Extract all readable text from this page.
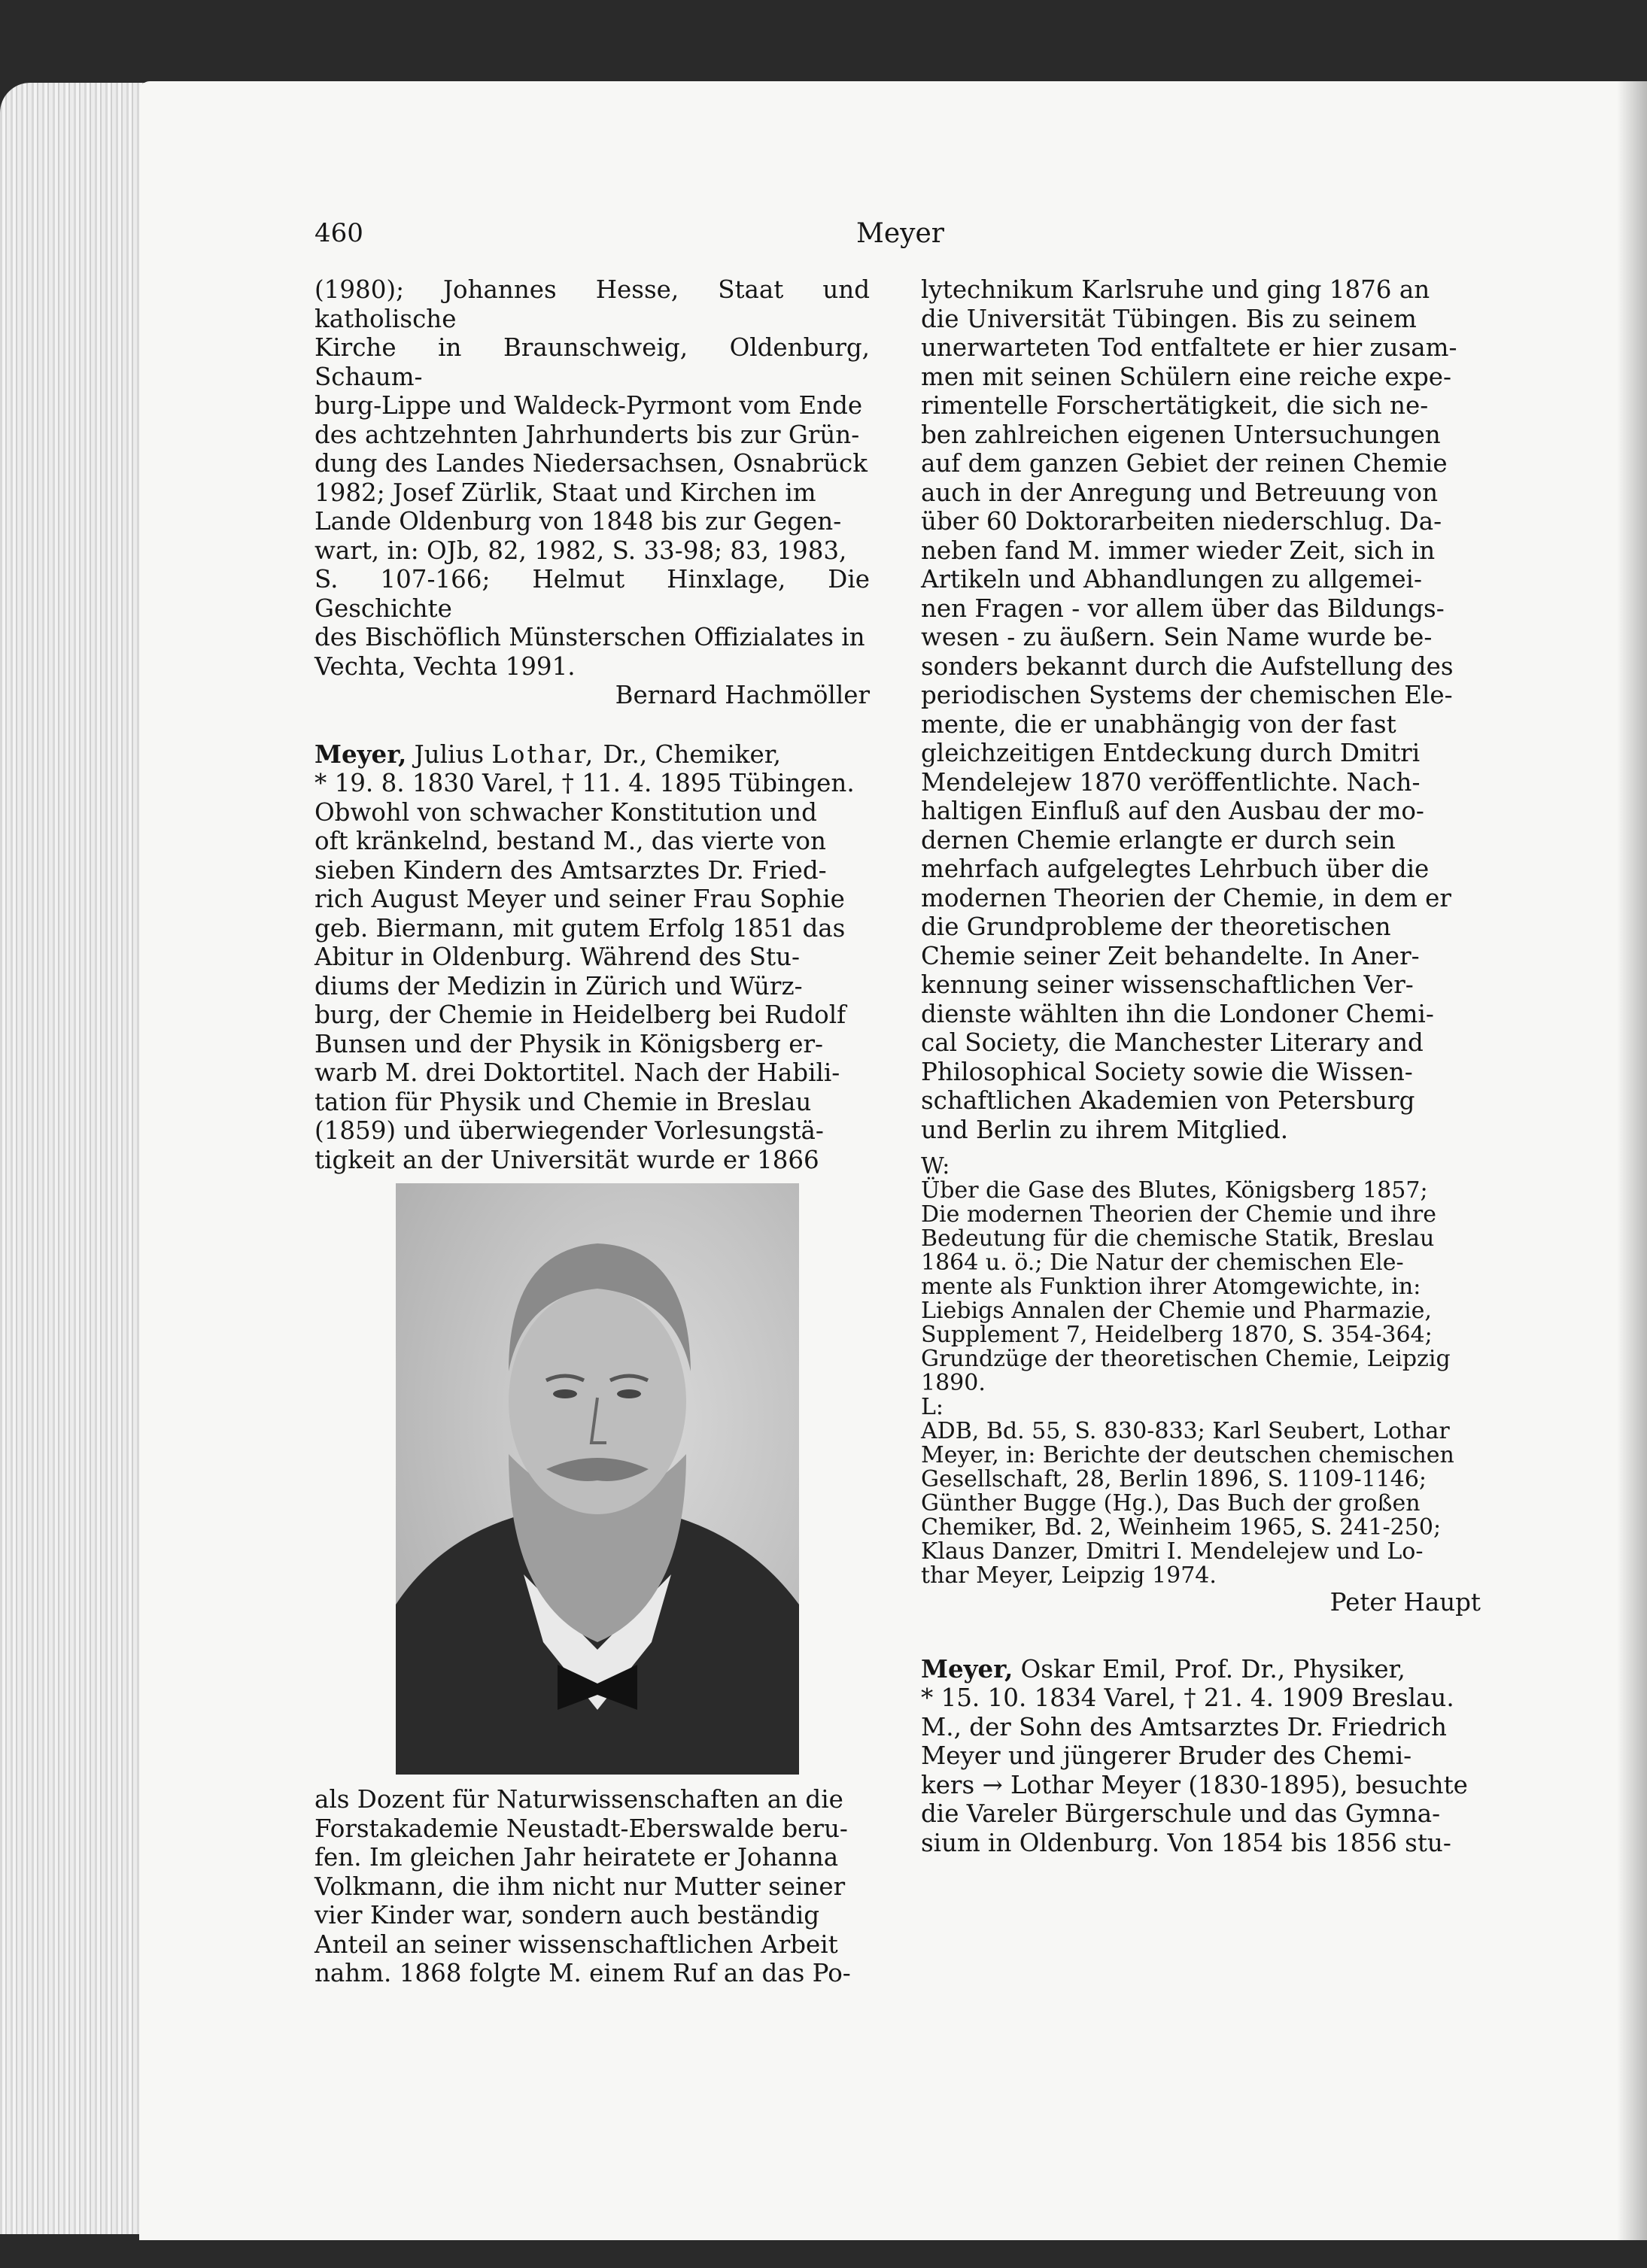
460	Meyer

(1980); Johannes Hesse, Staat und katholische

Kirche in Braunschweig, Oldenburg, Schaum-

burg-Lippe und Waldeck-Pyrmont vom Ende

des achtzehnten Jahrhunderts bis zur Grün-

dung des Landes Niedersachsen, Osnabrück

1982; Josef Zürlik, Staat und Kirchen im

Lande Oldenburg von 1848 bis zur Gegen-

wart, in: OJb, 82, 1982, S. 33-98; 83, 1983,

S. 107-166; Helmut Hinxlage, Die Geschichte

des Bischöflich Münsterschen Offizialates in

Vechta, Vechta 1991.

Bernard Hachmöller

Meyer, Julius Lothar, Dr., Chemiker,

* 19. 8. 1830 Varel, † 11. 4. 1895 Tübingen.

Obwohl von schwacher Konstitution und

oft kränkelnd, bestand M., das vierte von

sieben Kindern des Amtsarztes Dr. Fried-

rich August Meyer und seiner Frau Sophie

geb. Biermann, mit gutem Erfolg 1851 das

Abitur in Oldenburg. Während des Stu-

diums der Medizin in Zürich und Würz-

burg, der Chemie in Heidelberg bei Rudolf

Bunsen und der Physik in Königsberg er-

warb M. drei Doktortitel. Nach der Habili-

tation für Physik und Chemie in Breslau

(1859) und überwiegender Vorlesungstä-

tigkeit an der Universität wurde er 1866

als Dozent für Naturwissenschaften an die

Forstakademie Neustadt-Eberswalde beru-

fen. Im gleichen Jahr heiratete er Johanna

Volkmann, die ihm nicht nur Mutter seiner

vier Kinder war, sondern auch beständig

Anteil an seiner wissenschaftlichen Arbeit

nahm. 1868 folgte M. einem Ruf an das Po-

lytechnikum Karlsruhe und ging 1876 an

die Universität Tübingen. Bis zu seinem

unerwarteten Tod entfaltete er hier zusam-

men mit seinen Schülern eine reiche expe-

rimentelle Forschertätigkeit, die sich ne-

ben zahlreichen eigenen Untersuchungen

auf dem ganzen Gebiet der reinen Chemie

auch in der Anregung und Betreuung von

über 60 Doktorarbeiten niederschlug. Da-

neben fand M. immer wieder Zeit, sich in

Artikeln und Abhandlungen zu allgemei-

nen Fragen - vor allem über das Bildungs-

wesen - zu äußern. Sein Name wurde be-

sonders bekannt durch die Aufstellung des

periodischen Systems der chemischen Ele-

mente, die er unabhängig von der fast

gleichzeitigen Entdeckung durch Dmitri

Mendelejew 1870 veröffentlichte. Nach-

haltigen Einfluß auf den Ausbau der mo-

dernen Chemie erlangte er durch sein

mehrfach aufgelegtes Lehrbuch über die

modernen Theorien der Chemie, in dem er

die Grundprobleme der theoretischen

Chemie seiner Zeit behandelte. In Aner-

kennung seiner wissenschaftlichen Ver-

dienste wählten ihn die Londoner Chemi-

cal Society, die Manchester Literary and

Philosophical Society sowie die Wissen-

schaftlichen Akademien von Petersburg

und Berlin zu ihrem Mitglied.

W:

Über die Gase des Blutes, Königsberg 1857;

Die modernen Theorien der Chemie und ihre

Bedeutung für die chemische Statik, Breslau

1864 u. ö.; Die Natur der chemischen Ele-

mente als Funktion ihrer Atomgewichte, in:

Liebigs Annalen der Chemie und Pharmazie,

Supplement 7, Heidelberg 1870, S. 354-364;

Grundzüge der theoretischen Chemie, Leipzig

1890.

L:

ADB, Bd. 55, S. 830-833; Karl Seubert, Lothar

Meyer, in: Berichte der deutschen chemischen

Gesellschaft, 28, Berlin 1896, S. 1109-1146;

Günther Bugge (Hg.), Das Buch der großen

Chemiker, Bd. 2, Weinheim 1965, S. 241-250;

Klaus Danzer, Dmitri I. Mendelejew und Lo-

thar Meyer, Leipzig 1974.

Peter Haupt

Meyer, Oskar Emil, Prof. Dr., Physiker,

* 15. 10. 1834 Varel, † 21. 4. 1909 Breslau.

M., der Sohn des Amtsarztes Dr. Friedrich

Meyer und jüngerer Bruder des Chemi-

kers → Lothar Meyer (1830-1895), besuchte

die Vareler Bürgerschule und das Gymna-

sium in Oldenburg. Von 1854 bis 1856 stu-
